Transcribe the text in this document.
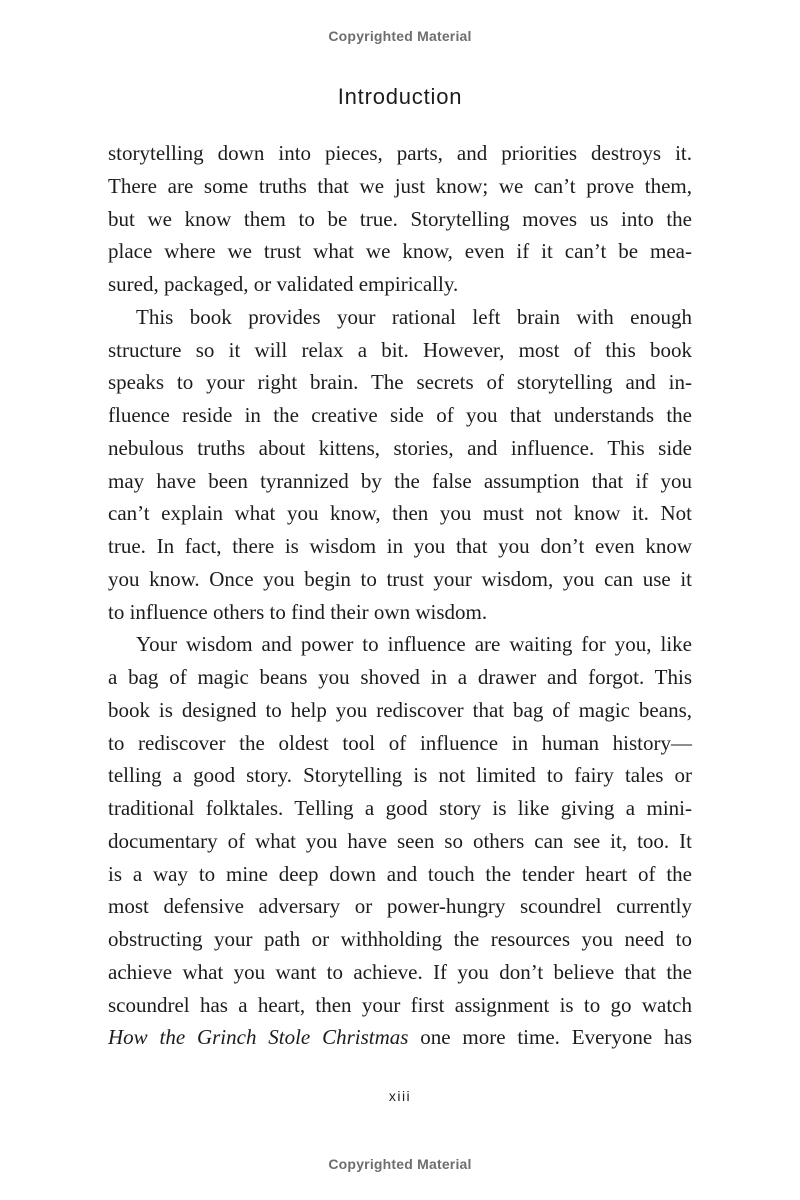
Copyrighted Material
Introduction
storytelling down into pieces, parts, and priorities destroys it.
There are some truths that we just know; we can’t prove them,
but we know them to be true. Storytelling moves us into the
place where we trust what we know, even if it can’t be mea-
sured, packaged, or validated empirically.
This book provides your rational left brain with enough
structure so it will relax a bit. However, most of this book
speaks to your right brain. The secrets of storytelling and in-
fluence reside in the creative side of you that understands the
nebulous truths about kittens, stories, and influence. This side
may have been tyrannized by the false assumption that if you
can’t explain what you know, then you must not know it. Not
true. In fact, there is wisdom in you that you don’t even know
you know. Once you begin to trust your wisdom, you can use it
to influence others to find their own wisdom.
Your wisdom and power to influence are waiting for you, like
a bag of magic beans you shoved in a drawer and forgot. This
book is designed to help you rediscover that bag of magic beans,
to rediscover the oldest tool of influence in human history—
telling a good story. Storytelling is not limited to fairy tales or
traditional folktales. Telling a good story is like giving a mini-
documentary of what you have seen so others can see it, too. It
is a way to mine deep down and touch the tender heart of the
most defensive adversary or power-hungry scoundrel currently
obstructing your path or withholding the resources you need to
achieve what you want to achieve. If you don’t believe that the
scoundrel has a heart, then your first assignment is to go watch
How the Grinch Stole Christmas one more time. Everyone has
xiii
Copyrighted Material
